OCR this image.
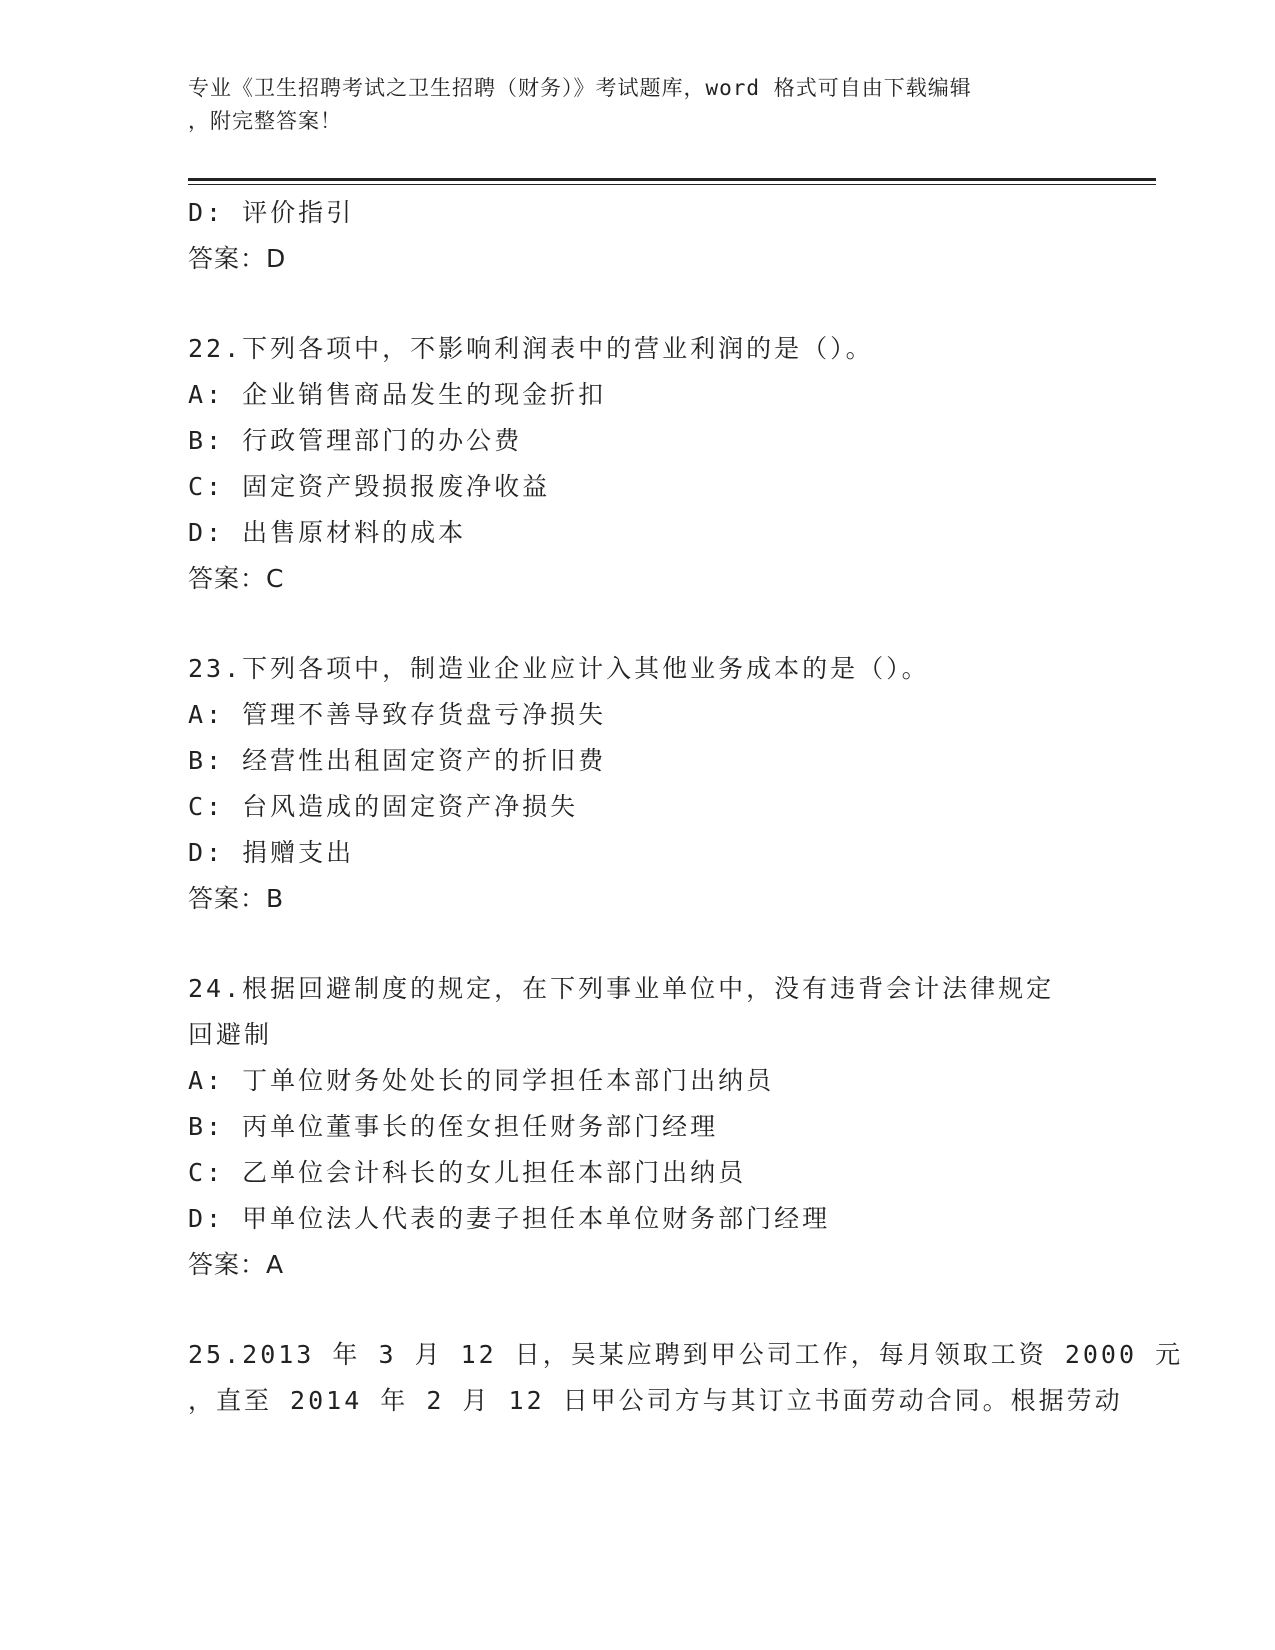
专业《卫生招聘考试之卫生招聘（财务）》考试题库，word 格式可自由下载编辑
，附完整答案！
D: 评价指引
答案：D
22.下列各项中，不影响利润表中的营业利润的是（）。
A: 企业销售商品发生的现金折扣
B: 行政管理部门的办公费
C: 固定资产毁损报废净收益
D: 出售原材料的成本
答案：C
23.下列各项中，制造业企业应计入其他业务成本的是（）。
A: 管理不善导致存货盘亏净损失
B: 经营性出租固定资产的折旧费
C: 台风造成的固定资产净损失
D: 捐赠支出
答案：B
24.根据回避制度的规定，在下列事业单位中，没有违背会计法律规定
回避制
A: 丁单位财务处处长的同学担任本部门出纳员
B: 丙单位董事长的侄女担任财务部门经理
C: 乙单位会计科长的女儿担任本部门出纳员
D: 甲单位法人代表的妻子担任本单位财务部门经理
答案：A
25.2013 年 3 月 12 日，吴某应聘到甲公司工作，每月领取工资 2000 元
，直至 2014 年 2 月 12 日甲公司方与其订立书面劳动合同。根据劳动
